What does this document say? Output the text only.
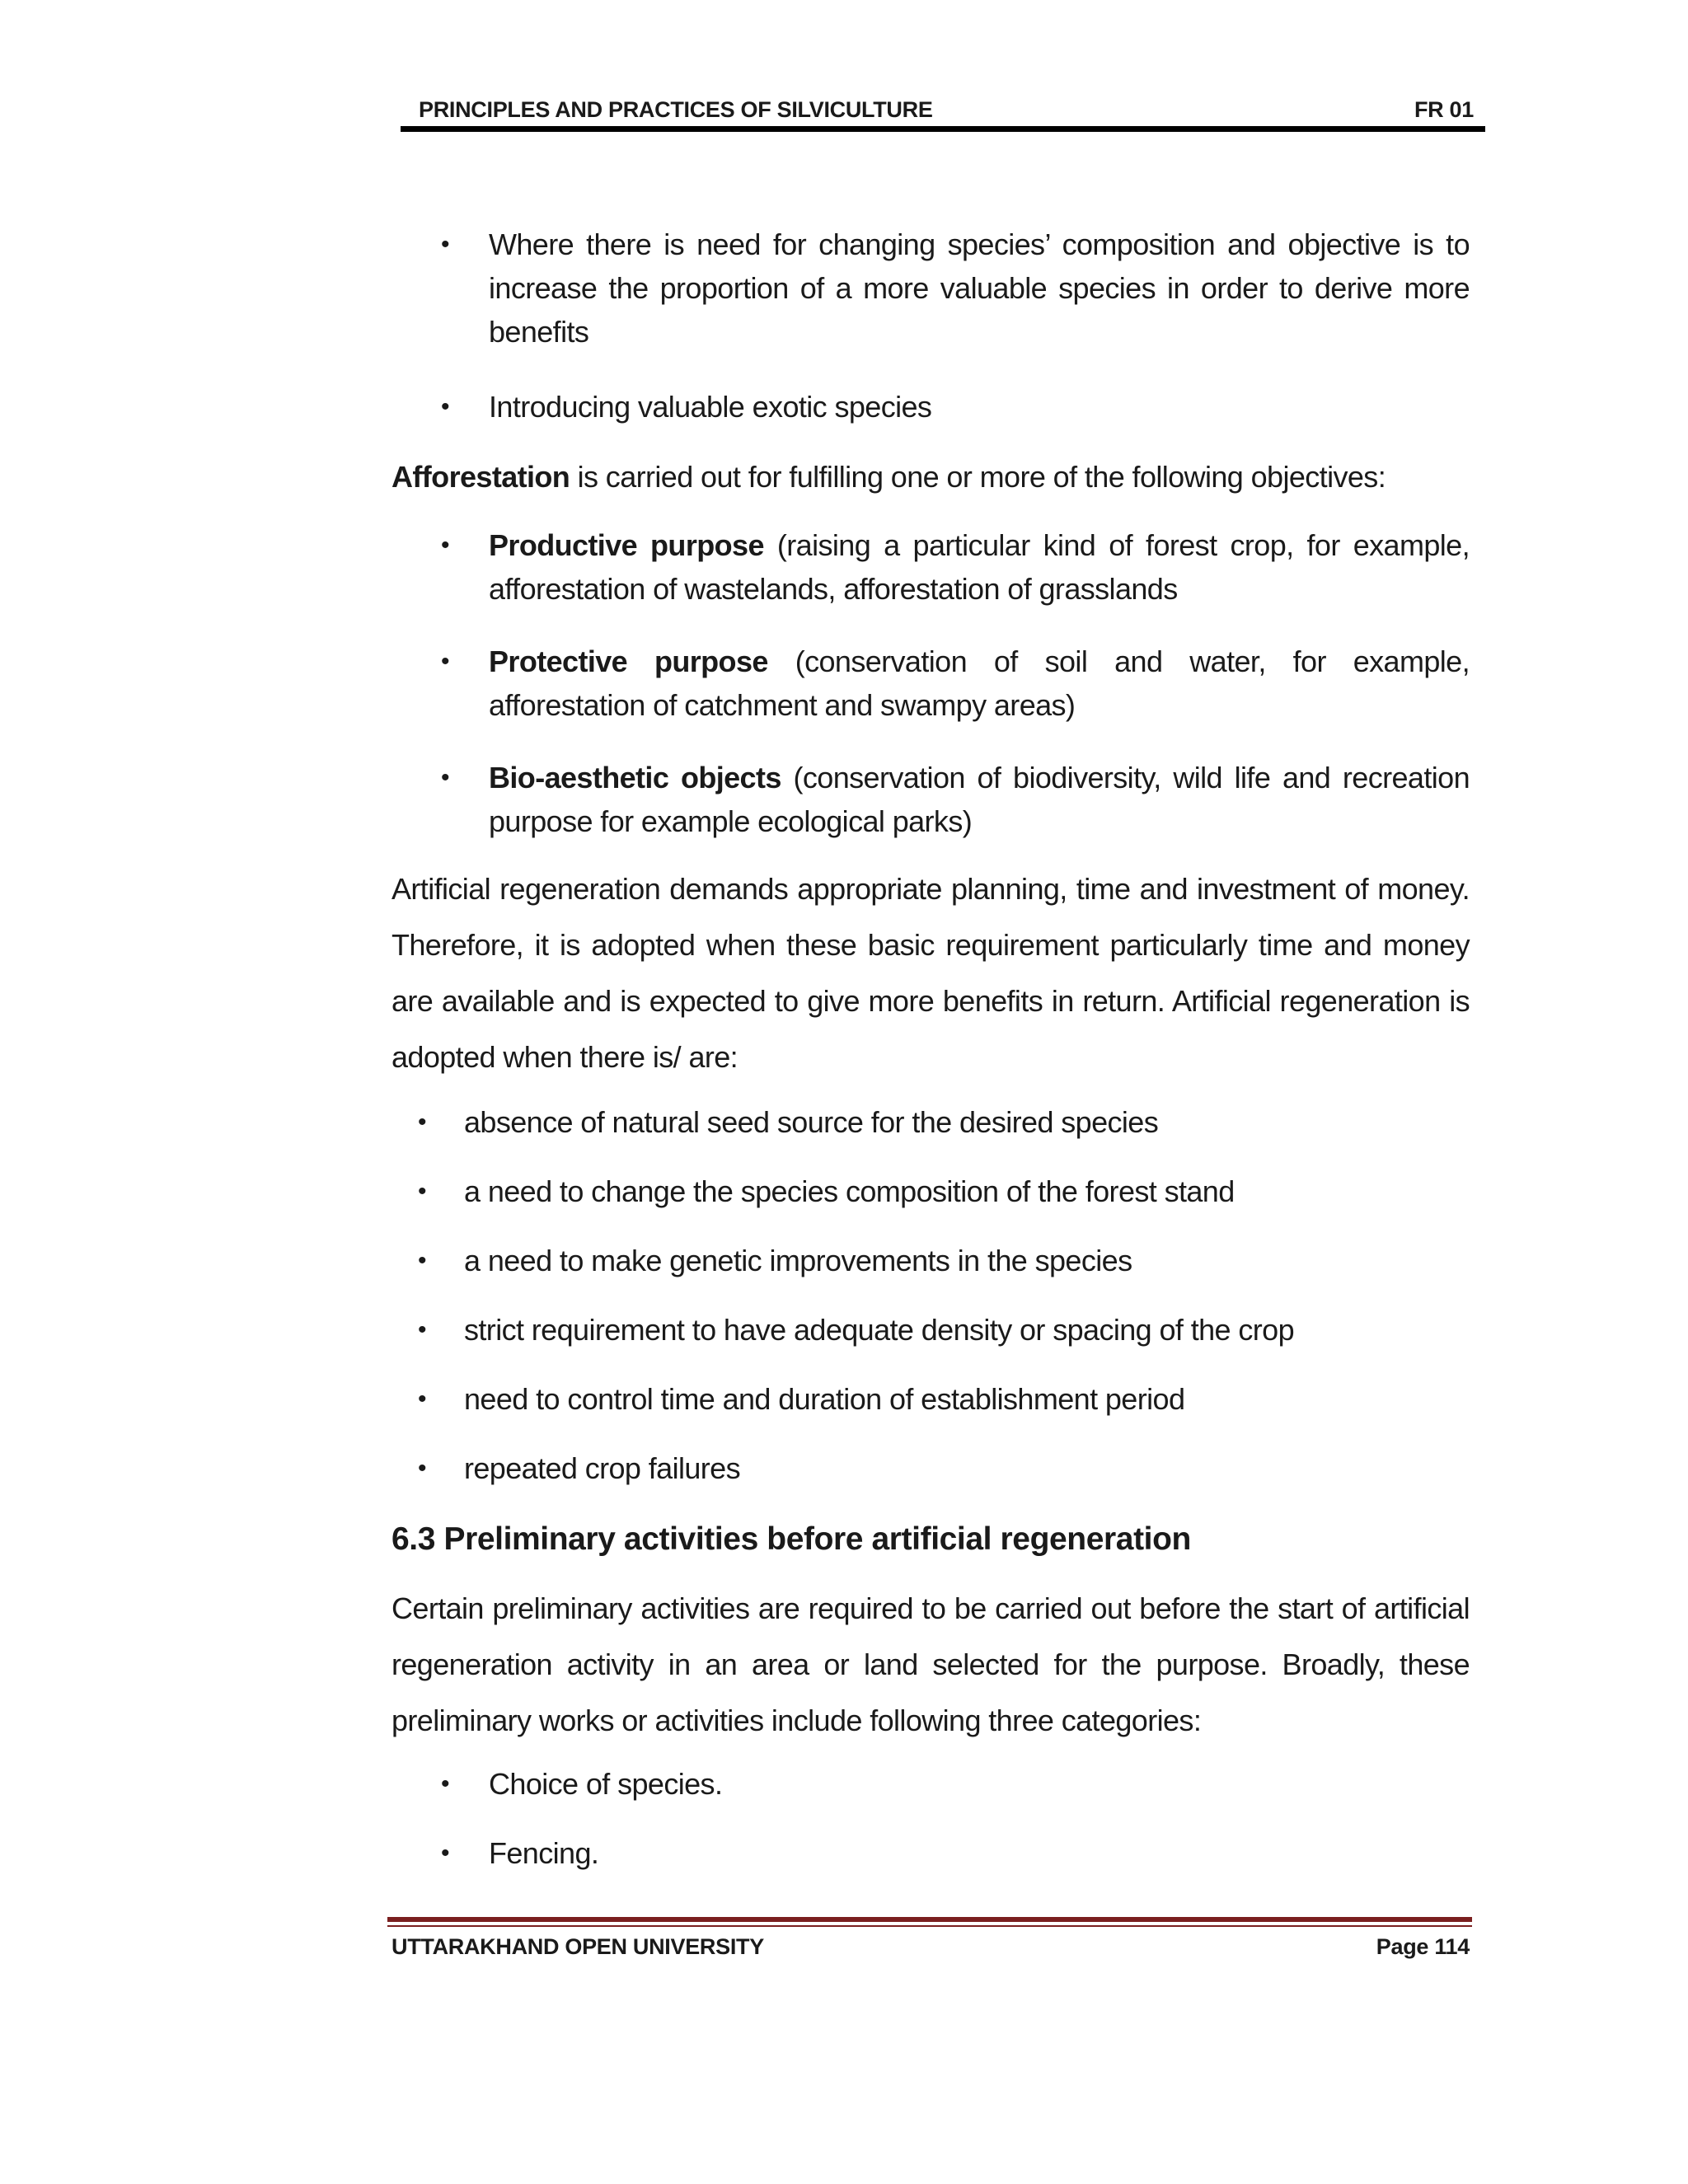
PRINCIPLES AND PRACTICES OF SILVICULTURE	FR 01
• Where there is need for changing species’ composition and objective is to increase the proportion of a more valuable species in order to derive more benefits
• Introducing valuable exotic species
Afforestation is carried out for fulfilling one or more of the following objectives:
• Productive purpose (raising a particular kind of forest crop, for example, afforestation of wastelands, afforestation of grasslands
• Protective purpose (conservation of soil and water, for example, afforestation of catchment and swampy areas)
• Bio-aesthetic objects (conservation of biodiversity, wild life and recreation purpose for example ecological parks)
Artificial regeneration demands appropriate planning, time and investment of money. Therefore, it is adopted when these basic requirement particularly time and money are available and is expected to give more benefits in return. Artificial regeneration is adopted when there is/ are:
• absence of natural seed source for the desired species
• a need to change the species composition of the forest stand
• a need to make genetic improvements in the species
• strict requirement to have adequate density or spacing of the crop
• need to control time and duration of establishment period
• repeated crop failures
6.3 Preliminary activities before artificial regeneration
Certain preliminary activities are required to be carried out before the start of artificial regeneration activity in an area or land selected for the purpose. Broadly, these preliminary works or activities include following three categories:
• Choice of species.
• Fencing.
UTTARAKHAND OPEN UNIVERSITY	Page 114
